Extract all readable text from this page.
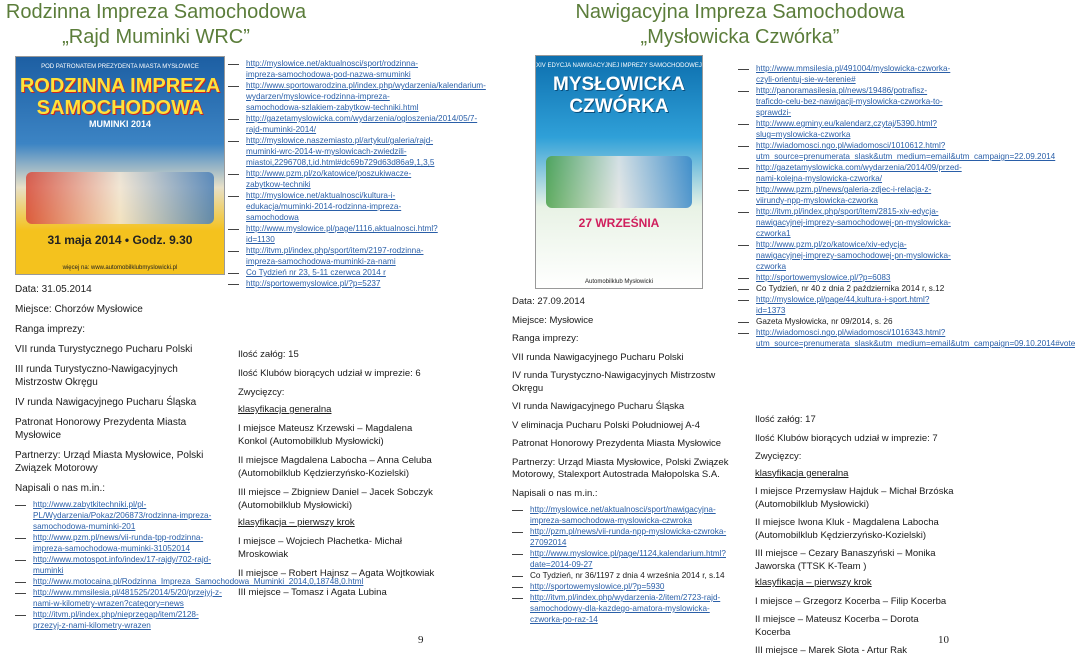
Rodzinna Impreza Samochodowa
„Rajd Muminki WRC”
POD PATRONATEM PREZYDENTA MIASTA MYSŁOWICE
RODZINNA IMPREZA SAMOCHODOWA
MUMINKI 2014
31 maja 2014 • Godz. 9.30
więcej na: www.automobilklubmyslowicki.pl

Data: 31.05.2014

Miejsce: Chorzów Mysłowice

Ranga imprezy:

VII runda Turystycznego Pucharu Polski

III runda Turystyczno-Nawigacyjnych Mistrzostw Okręgu

IV runda Nawigacyjnego Pucharu Śląska

Patronat Honorowy Prezydenta Miasta Mysłowice

Partnerzy: Urząd Miasta Mysłowice, Polski Związek Motorowy

Napisali o nas m.in.:

http://www.zabytkitechniki.pl/pl-PL/Wydarzenia/Pokaz/206873/rodzinna-impreza-samochodowa-muminki-201

http://www.pzm.pl/news/vii-runda-tpp-rodzinna-impreza-samochodowa-muminki-31052014

http://www.motospot.info/index/17-rajdy/702-rajd-muminki

http://www.motocaina.pl/Rodzinna_Impreza_Samochodowa_Muminki_2014,0,18748,0.html

http://www.mmsilesia.pl/481525/2014/5/20/przejyj-z-nami-w-kilometry-wrazen?category=news

http://itvm.pl/index.php/nieprzegap/item/2128-przezyj-z-nami-kilometry-wrazen

http://myslowice.net/aktualnosci/sport/rodzinna-impreza-samochodowa-pod-nazwa-smuminki

http://www.sportowarodzina.pl/index.php/wydarzenia/kalendarium-wydarzen/myslowice-rodzinna-impreza-samochodowa-szlakiem-zabytkow-techniki.html

http://gazetamyslowicka.com/wydarzenia/ogloszenia/2014/05/7-rajd-muminki-2014/

http://myslowice.naszemiasto.pl/artykul/galeria/rajd-muminki-wrc-2014-w-myslowicach-zwiedzili-miastoi,2296708,t,id.html#dc69b729d63d86a9,1,3,5

http://www.pzm.pl/zo/katowice/poszukiwacze-zabytkow-techniki

http://myslowice.net/aktualnosci/kultura-i-edukacja/muminki-2014-rodzinna-impreza-samochodowa

http://www.myslowice.pl/page/1116,aktualnosci.html?id=1130

http://itvm.pl/index.php/sport/item/2197-rodzinna-impreza-samochodowa-muminki-za-nami

Co Tydzień nr 23, 5-11 czerwca 2014 r

http://sportowemyslowice.pl/?p=5237

Ilość załóg: 15

Ilość Klubów biorących udział w imprezie: 6

Zwycięzcy:

klasyfikacja generalna

I miejsce Mateusz Krzewski – Magdalena Konkol (Automobilklub Mysłowicki)

II miejsce Magdalena Labocha – Anna Celuba (Automobilklub Kędzierzyńsko-Kozielski)

III miejsce – Zbigniew Daniel – Jacek Sobczyk (Automobilklub Mysłowicki)

klasyfikacja – pierwszy krok

I miejsce – Wojciech Płachetka- Michał Mroskowiak

II miejsce – Robert Hajnsz – Agata Wojtkowiak

III miejsce – Tomasz i Agata Lubina

9
Nawigacyjna Impreza Samochodowa
„Mysłowicka Czwórka”
XIV EDYCJA NAWIGACYJNEJ IMPREZY SAMOCHODOWEJ
MYSŁOWICKA CZWÓRKA
27 WRZEŚNIA
Automobilklub Mysłowicki

Data: 27.09.2014

Miejsce: Mysłowice

Ranga imprezy:

VII runda Nawigacyjnego Pucharu Polski

IV runda Turystyczno-Nawigacyjnych Mistrzostw Okręgu

VI runda Nawigacyjnego Pucharu Śląska

V eliminacja Pucharu Polski Południowej A-4

Patronat Honorowy Prezydenta Miasta Mysłowice

Partnerzy: Urząd Miasta Mysłowice, Polski Związek Motorowy, Stalexport Autostrada Małopolska S.A.

Napisali o nas m.in.:

http://myslowice.net/aktualnosci/sport/nawigacyjna-impreza-samochodowa-myslowicka-czwroka

http://pzm.pl/news/vii-runda-npp-myslowicka-czwroka-27092014

http://www.myslowice.pl/page/1124,kalendarium.html?date=2014-09-27

Co Tydzień, nr 36/1197 z dnia 4 września 2014 r, s.14

http://sportowemyslowice.pl/?p=5930

http://itvm.pl/index.php/wydarzenia-2/item/2723-rajd-samochodowy-dla-kazdego-amatora-myslowicka-czworka-po-raz-14

http://www.mmsilesia.pl/491004/myslowicka-czworka-czyli-orientuj-sie-w-terenie#

http://panoramasilesia.pl/news/19486/potrafisz-traficdo-celu-bez-nawigacji-myslowicka-czworka-to-sprawdzi-

http://www.egminy.eu/kalendarz,czytaj/5390.html?slug=myslowicka-czworka

http://wiadomosci.ngo.pl/wiadomosci/1010612.html?utm_source=prenumerata_slask&utm_medium=email&utm_campaign=22.09.2014

http://gazetamyslowicka.com/wydarzenia/2014/09/przed-nami-kolejna-myslowicka-czworka/

http://www.pzm.pl/news/galeria-zdjec-i-relacja-z-viirundy-npp-myslowicka-czworka

http://itvm.pl/index.php/sport/item/2815-xiv-edycja-nawigacyjnej-imprezy-samochodowej-pn-myslowicka-czworka1

http://www.pzm.pl/zo/katowice/xiv-edycja-nawigacyjnej-imprezy-samochodowej-pn-myslowicka-czworka

http://sportowemyslowice.pl/?p=6083

Co Tydzień, nr 40 z dnia 2 października 2014 r, s.12

http://myslowice.pl/page/44,kultura-i-sport.html?id=1373

Gazeta Mysłowicka, nr 09/2014, s. 26

http://wiadomosci.ngo.pl/wiadomosci/1016343.html?utm_source=prenumerata_slask&utm_medium=email&utm_campaign=09.10.2014#vote

Ilość załóg: 17

Ilość Klubów biorących udział w imprezie: 7

Zwycięzcy:

klasyfikacja generalna

I miejsce Przemysław Hajduk – Michał Brzóska (Automobilklub Mysłowicki)

II miejsce Iwona Kluk - Magdalena Labocha (Automobilklub Kędzierzyńsko-Kozielski)

III miejsce – Cezary Banaszyński – Monika Jaworska (TTSK K-Team )

klasyfikacja – pierwszy krok

I miejsce – Grzegorz Kocerba – Filip Kocerba

II miejsce – Mateusz Kocerba – Dorota Kocerba

III miejsce – Marek Słota - Artur Rak

10
